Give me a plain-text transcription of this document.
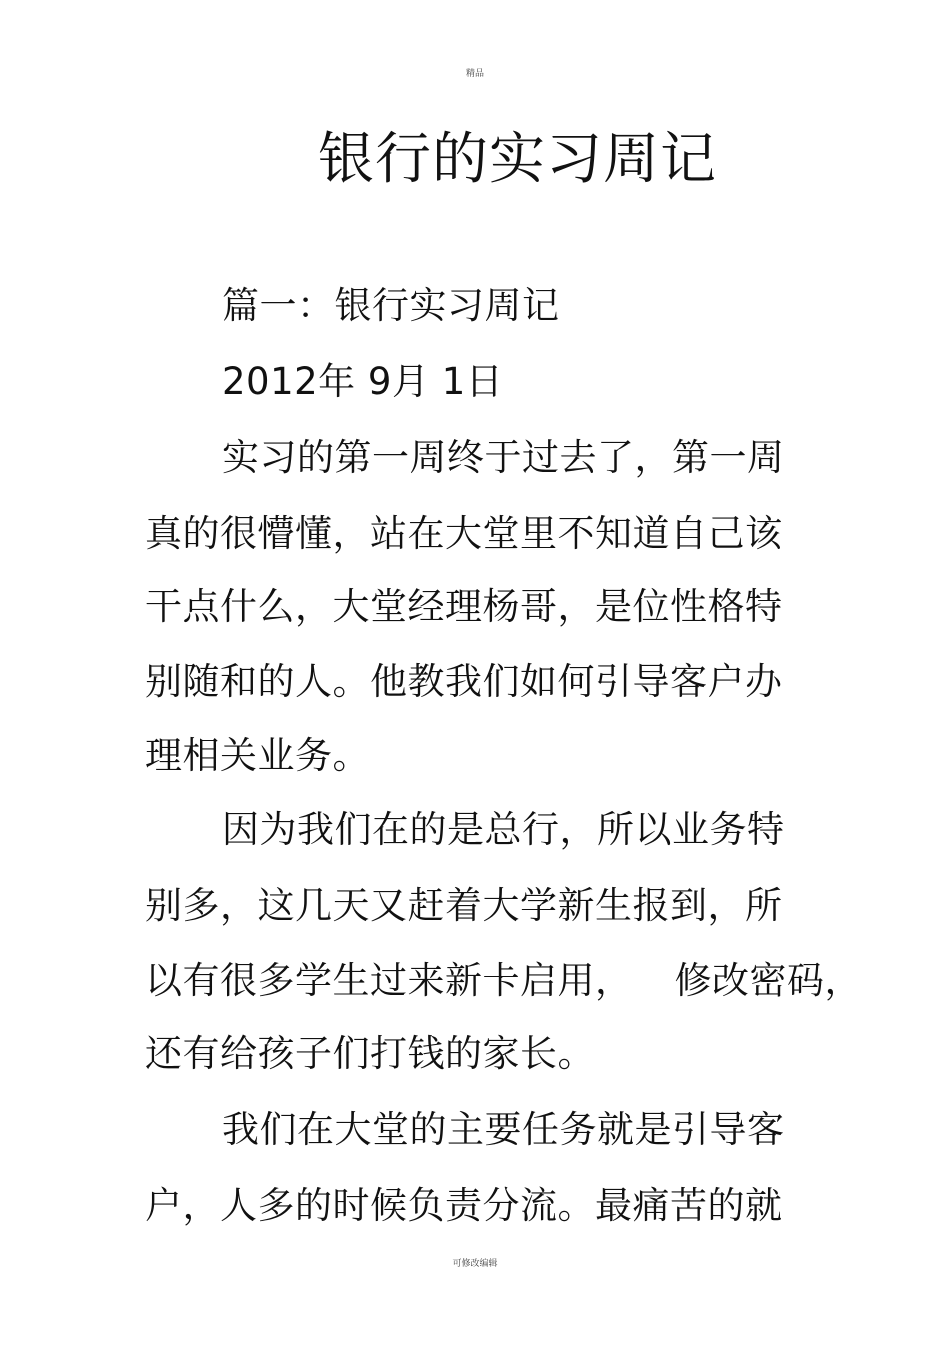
精品
银行的实习周记
篇一：银行实习周记
2012年 9月 1日
实习的第一周终于过去了，第一周
真的很懵懂，站在大堂里不知道自己该
干点什么，大堂经理杨哥，是位性格特
别随和的人。他教我们如何引导客户办
理相关业务。
因为我们在的是总行，所以业务特
别多，这几天又赶着大学新生报到，所
以有很多学生过来新卡启用， 修改密码，
还有给孩子们打钱的家长。
我们在大堂的主要任务就是引导客
户，人多的时候负责分流。最痛苦的就
可修改编辑
